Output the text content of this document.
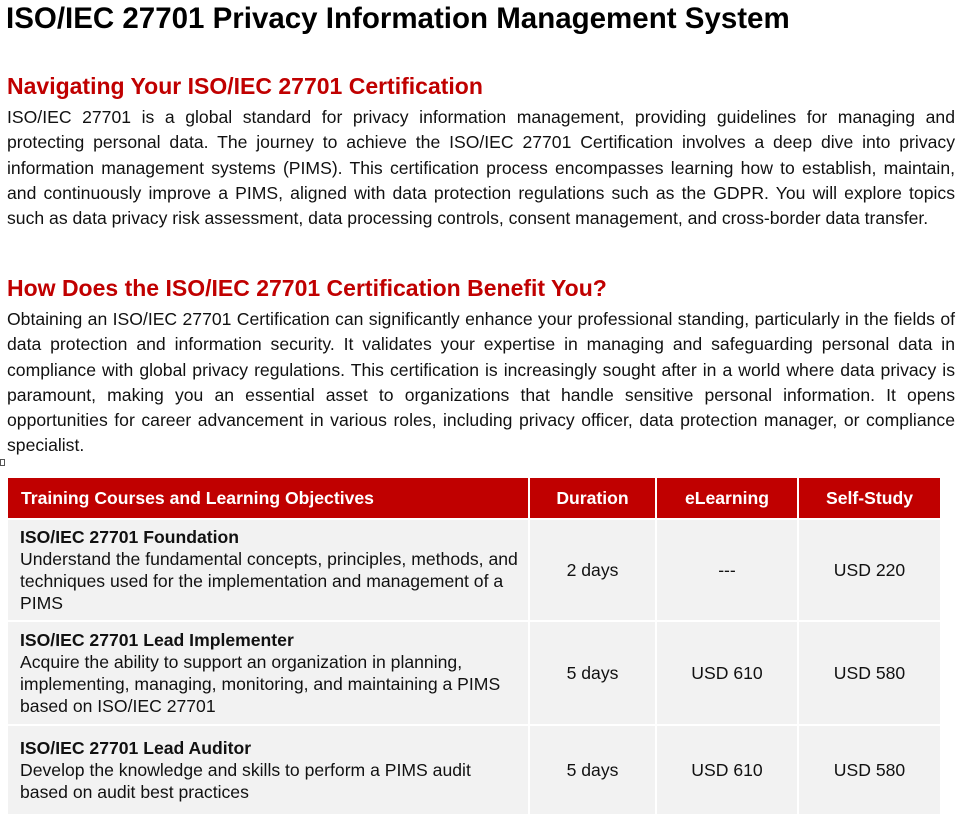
ISO/IEC 27701 Privacy Information Management System
Navigating Your ISO/IEC 27701 Certification

ISO/IEC 27701 is a global standard for privacy information management, providing guidelines for managing and protecting personal data. The journey to achieve the ISO/IEC 27701 Certification involves a deep dive into privacy information management systems (PIMS). This certification process encompasses learning how to establish, maintain, and continuously improve a PIMS, aligned with data protection regulations such as the GDPR. You will explore topics such as data privacy risk assessment, data processing controls, consent management, and cross-border data transfer.

How Does the ISO/IEC 27701 Certification Benefit You?

Obtaining an ISO/IEC 27701 Certification can significantly enhance your professional standing, particularly in the fields of data protection and information security. It validates your expertise in managing and safeguarding personal data in compliance with global privacy regulations. This certification is increasingly sought after in a world where data privacy is paramount, making you an essential asset to organizations that handle sensitive personal information. It opens opportunities for career advancement in various roles, including privacy officer, data protection manager, or compliance specialist.

Training Courses and Learning Objectives	Duration	eLearning	Self-Study

ISO/IEC 27701 Foundation
Understand the fundamental concepts, principles, methods, and techniques used for the implementation and management of a PIMS	2 days	---	USD 220

ISO/IEC 27701 Lead Implementer
Acquire the ability to support an organization in planning, implementing, managing, monitoring, and maintaining a PIMS based on ISO/IEC 27701	5 days	USD 610	USD 580

ISO/IEC 27701 Lead Auditor
Develop the knowledge and skills to perform a PIMS audit based on audit best practices	5 days	USD 610	USD 580
